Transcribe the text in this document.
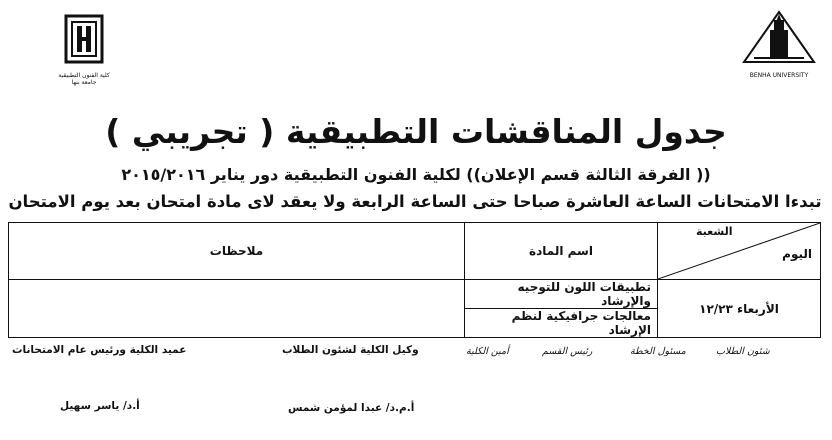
كلية الفنون التطبيقية
جامعة بنها
BENHA UNIVERSITY
جدول المناقشات التطبيقية ( تجريبي )
(( الفرقة الثالثة قسم الإعلان)) لكلية الفنون التطبيقية دور يناير ٢٠١٥/٢٠١٦
تبدءا الامتحانات الساعة العاشرة صباحا حتى الساعة الرابعة ولا يعقد لاى مادة امتحان بعد يوم الامتحان
الشعبة
اليوم	اسم المادة	ملاحظات
الأربعاء ١٢/٢٣	تطبيقات اللون للتوجيه والإرشاد	
	معالجات جرافيكية لنظم الإرشاد	
شئون الطلاب
مسئول الخطة
رئيس القسم
أمين الكلية
وكيل الكلية لشئون الطلاب
عميد الكلية ورئيس عام الامتحانات
أ.م.د/ عبدا لمؤمن شمس
أ.د/ ياسر سهيل
